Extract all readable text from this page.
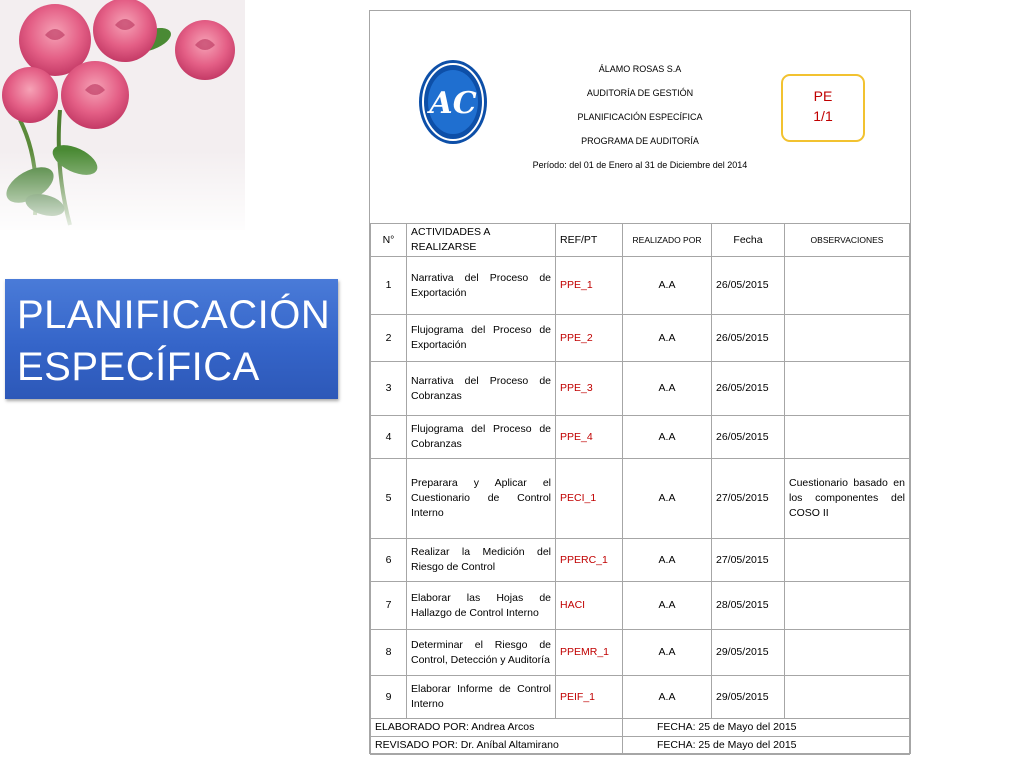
PLANIFICACIÓN
ESPECÍFICA
AC
ÁLAMO ROSAS S.A
AUDITORÍA DE GESTIÓN
PLANIFICACIÓN ESPECÍFICA
PROGRAMA DE AUDITORÍA
Período: del 01 de Enero al 31 de Diciembre del 2014
PE
1/1
N°	ACTIVIDADES A REALIZARSE	REF/PT	REALIZADO POR	Fecha	OBSERVACIONES
1	Narrativa del Proceso de Exportación	PPE_1	A.A	26/05/2015	
2	Flujograma del Proceso de Exportación	PPE_2	A.A	26/05/2015	
3	Narrativa del Proceso de Cobranzas	PPE_3	A.A	26/05/2015	
4	Flujograma del Proceso de Cobranzas	PPE_4	A.A	26/05/2015	
5	Preparara y Aplicar el Cuestionario de Control Interno	PECI_1	A.A	27/05/2015	Cuestionario basado en los componentes del COSO II
6	Realizar la Medición del Riesgo de Control	PPERC_1	A.A	27/05/2015	
7	Elaborar las Hojas de Hallazgo de Control Interno	HACI	A.A	28/05/2015	
8	Determinar el Riesgo de Control, Detección y Auditoría	PPEMR_1	A.A	29/05/2015	
9	Elaborar Informe de Control Interno	PEIF_1	A.A	29/05/2015	
ELABORADO POR: Andrea Arcos	FECHA: 25 de Mayo del 2015
REVISADO POR: Dr. Aníbal Altamirano	FECHA: 25 de Mayo del 2015
